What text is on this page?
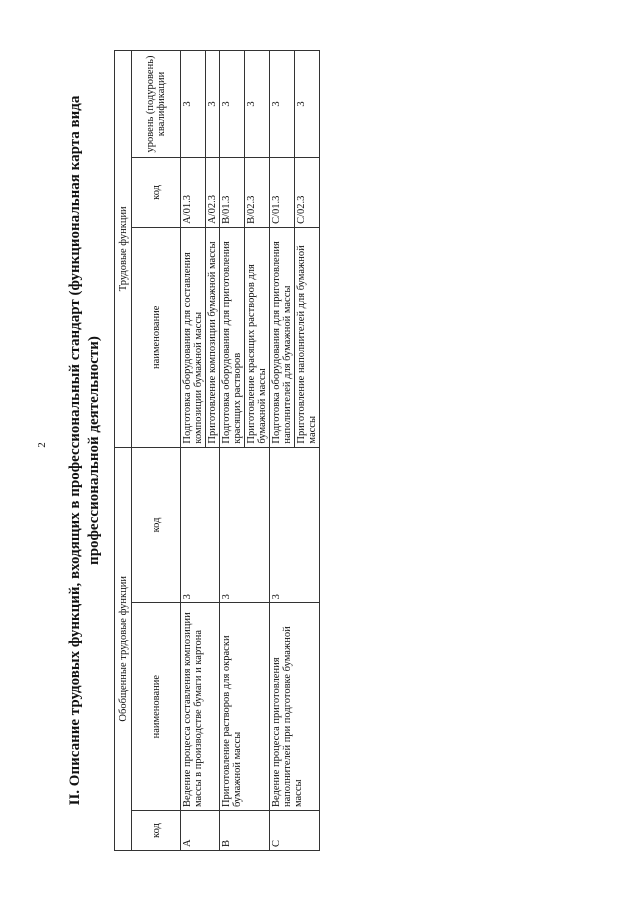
2 II. Описание трудовых функций, входящих в профессиональный стандарт (функциональная карта вида профессиональной деятельности)
Обобщенные трудовые функции			Трудовые функции		
код	наименование	код	наименование	код	уровень (подуровень) квалификации
A	Ведение процесса составления композиции массы в производстве бумаги и картона	3	Подготовка оборудования для составления композиции бумажной массы	A/01.3	3
			Приготовление композиции бумажной массы	A/02.3	3
B	Приготовление растворов для окраски бумажной массы	3	Подготовка оборудования для приготовления красящих растворов	B/01.3	3
			Приготовление красящих растворов для бумажной массы	B/02.3	3
C	Ведение процесса приготовления наполнителей при подготовке бумажной массы	3	Подготовка оборудования для приготовления наполнителей для бумажной массы	C/01.3	3
			Приготовление наполнителей для бумажной массы	C/02.3	3
